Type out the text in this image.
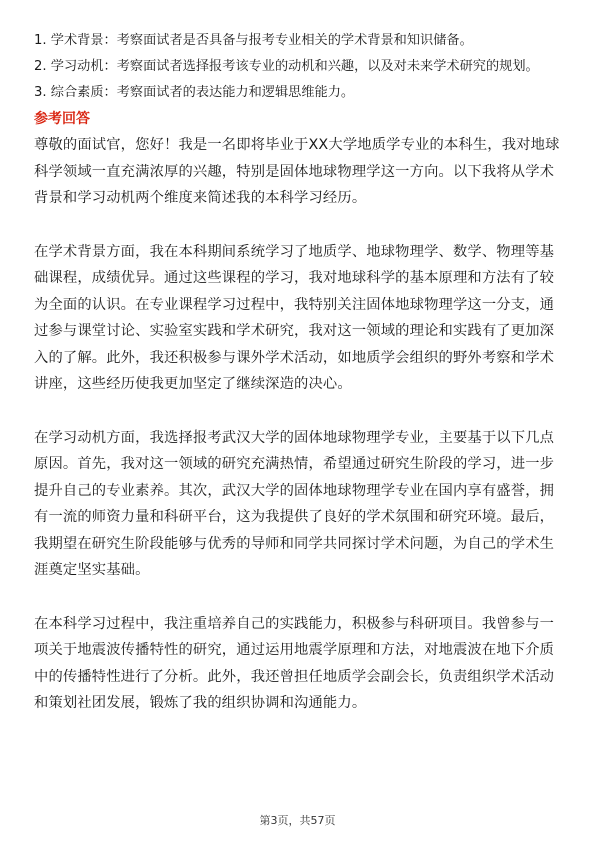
1. 学术背景：考察面试者是否具备与报考专业相关的学术背景和知识储备。

2. 学习动机：考察面试者选择报考该专业的动机和兴趣，以及对未来学术研究的规划。

3. 综合素质：考察面试者的表达能力和逻辑思维能力。

参考回答

尊敬的面试官，您好！我是一名即将毕业于XX大学地质学专业的本科生，我对地球科学领域一直充满浓厚的兴趣，特别是固体地球物理学这一方向。以下我将从学术背景和学习动机两个维度来简述我的本科学习经历。

在学术背景方面，我在本科期间系统学习了地质学、地球物理学、数学、物理等基础课程，成绩优异。通过这些课程的学习，我对地球科学的基本原理和方法有了较为全面的认识。在专业课程学习过程中，我特别关注固体地球物理学这一分支，通过参与课堂讨论、实验室实践和学术研究，我对这一领域的理论和实践有了更加深入的了解。此外，我还积极参与课外学术活动，如地质学会组织的野外考察和学术讲座，这些经历使我更加坚定了继续深造的决心。

在学习动机方面，我选择报考武汉大学的固体地球物理学专业，主要基于以下几点原因。首先，我对这一领域的研究充满热情，希望通过研究生阶段的学习，进一步提升自己的专业素养。其次，武汉大学的固体地球物理学专业在国内享有盛誉，拥有一流的师资力量和科研平台，这为我提供了良好的学术氛围和研究环境。最后，我期望在研究生阶段能够与优秀的导师和同学共同探讨学术问题，为自己的学术生涯奠定坚实基础。

在本科学习过程中，我注重培养自己的实践能力，积极参与科研项目。我曾参与一项关于地震波传播特性的研究，通过运用地震学原理和方法，对地震波在地下介质中的传播特性进行了分析。此外，我还曾担任地质学会副会长，负责组织学术活动和策划社团发展，锻炼了我的组织协调和沟通能力。

第3页，共57页
